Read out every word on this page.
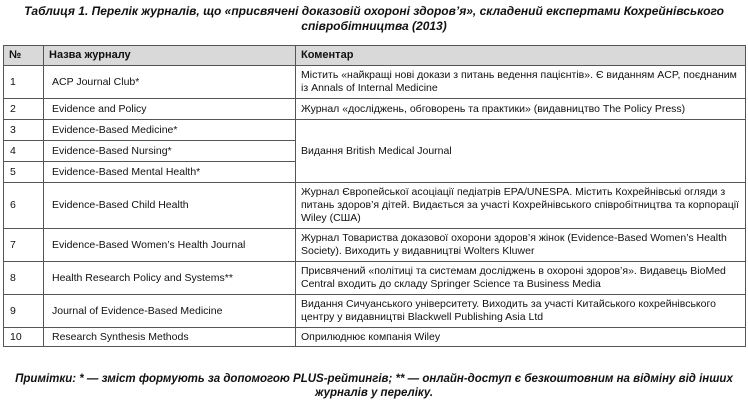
Таблиця 1. Перелік журналів, що «присвячені доказовій охороні здоров’я», складений експертами Кохрейнівського співробітництва (2013)
№	Назва журналу	Коментар
1	ACP Journal Club*	Містить «найкращі нові докази з питань ведення пацієнтів». Є виданням ACP, поєднаним із Annals of Internal Medicine
2	Evidence and Policy	Журнал «досліджень, обговорень та практики» (видавництво The Policy Press)
3	Evidence-Based Medicine*	Видання British Medical Journal
4	Evidence-Based Nursing*	
5	Evidence-Based Mental Health*	
6	Evidence-Based Child Health	Журнал Європейської асоціації педіатрів EPA/UNESPA. Містить Кохрейнівські огляди з питань здоров’я дітей. Видається за участі Кохрейнівського співробітництва та корпорації Wiley (США)
7	Evidence-Based Women’s Health Journal	Журнал Товариства доказової охорони здоров’я жінок (Evidence-Based Women’s Health Society). Виходить у видавництві Wolters Kluwer
8	Health Research Policy and Systems**	Присвячений «політиці та системам досліджень в охороні здоров’я». Видавець BioMed Central входить до складу Springer Science та Business Media
9	Journal of Evidence-Based Medicine	Видання Сичуанського університету. Виходить за участі Китайського кохрейнівського центру у видавництві Blackwell Publishing Asia Ltd
10	Research Synthesis Methods	Оприлюднює компанія Wiley
Примітки: * — зміст формують за допомогою PLUS-рейтингів; ** — онлайн-доступ є безкоштовним на відміну від інших журналів у переліку.
